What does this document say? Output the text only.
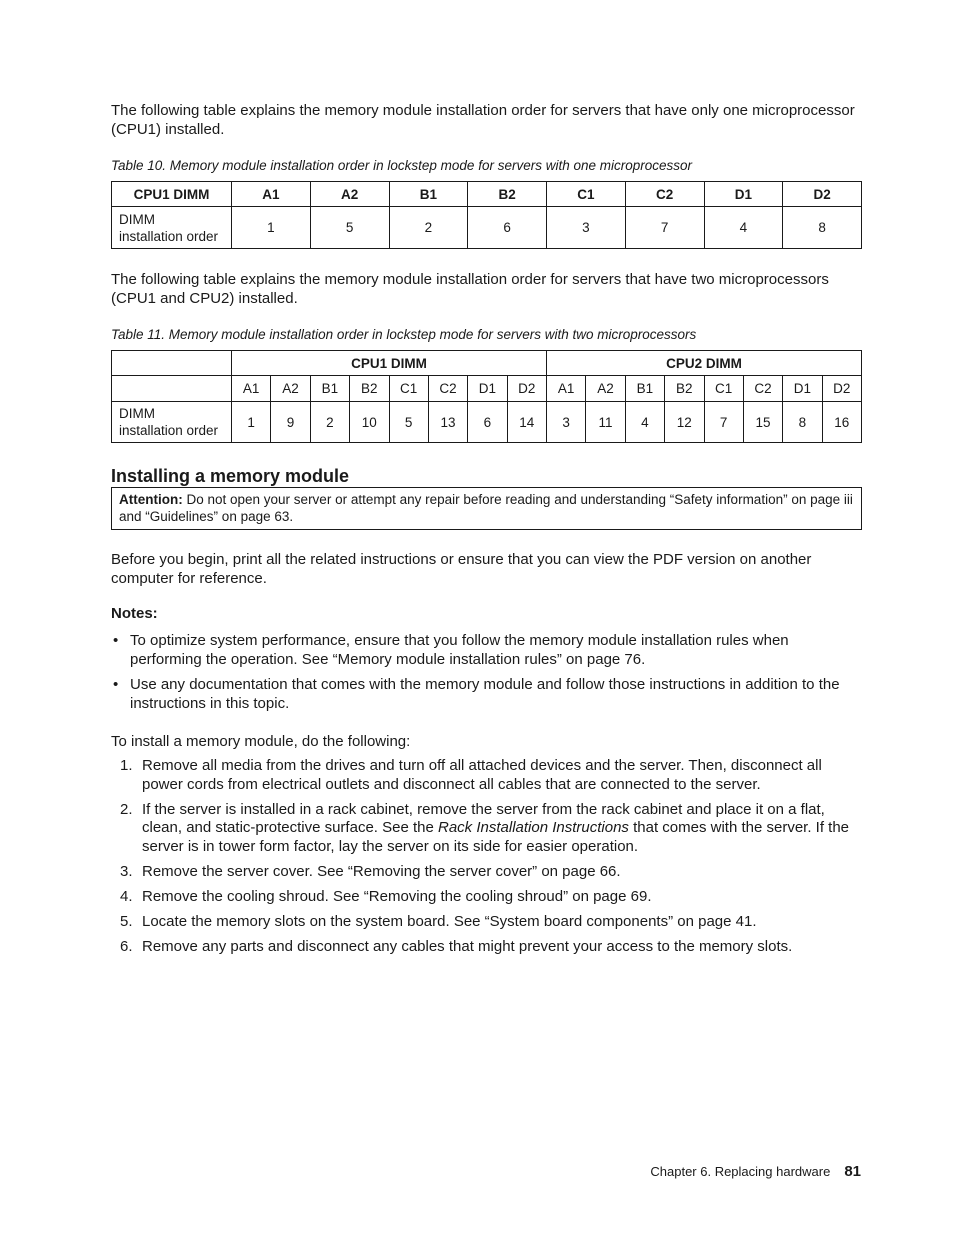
The following table explains the memory module installation order for servers that have only one microprocessor (CPU1) installed.

Table 10. Memory module installation order in lockstep mode for servers with one microprocessor
CPU1 DIMM	A1	A2	B1	B2	C1	C2	D1	D2
DIMM
installation order	1	5	2	6	3	7	4	8

The following table explains the memory module installation order for servers that have two microprocessors (CPU1 and CPU2) installed.

Table 11. Memory module installation order in lockstep mode for servers with two microprocessors
	CPU1 DIMM								CPU2 DIMM							
	A1	A2	B1	B2	C1	C2	D1	D2	A1	A2	B1	B2	C1	C2	D1	D2
DIMM
installation order	1	9	2	10	5	13	6	14	3	11	4	12	7	15	8	16
Installing a memory module
Attention: Do not open your server or attempt any repair before reading and understanding “Safety information” on page iii and “Guidelines” on page 63.

Before you begin, print all the related instructions or ensure that you can view the PDF version on another computer for reference.

Notes:
• To optimize system performance, ensure that you follow the memory module installation rules when performing the operation. See “Memory module installation rules” on page 76.
• Use any documentation that comes with the memory module and follow those instructions in addition to the instructions in this topic.

To install a memory module, do the following:

1. Remove all media from the drives and turn off all attached devices and the server. Then, disconnect all power cords from electrical outlets and disconnect all cables that are connected to the server.
2. If the server is installed in a rack cabinet, remove the server from the rack cabinet and place it on a flat, clean, and static-protective surface. See the Rack Installation Instructions that comes with the server. If the server is in tower form factor, lay the server on its side for easier operation.
3. Remove the server cover. See “Removing the server cover” on page 66.
4. Remove the cooling shroud. See “Removing the cooling shroud” on page 69.
5. Locate the memory slots on the system board. See “System board components” on page 41.
6. Remove any parts and disconnect any cables that might prevent your access to the memory slots.
Chapter 6. Replacing hardware 81
